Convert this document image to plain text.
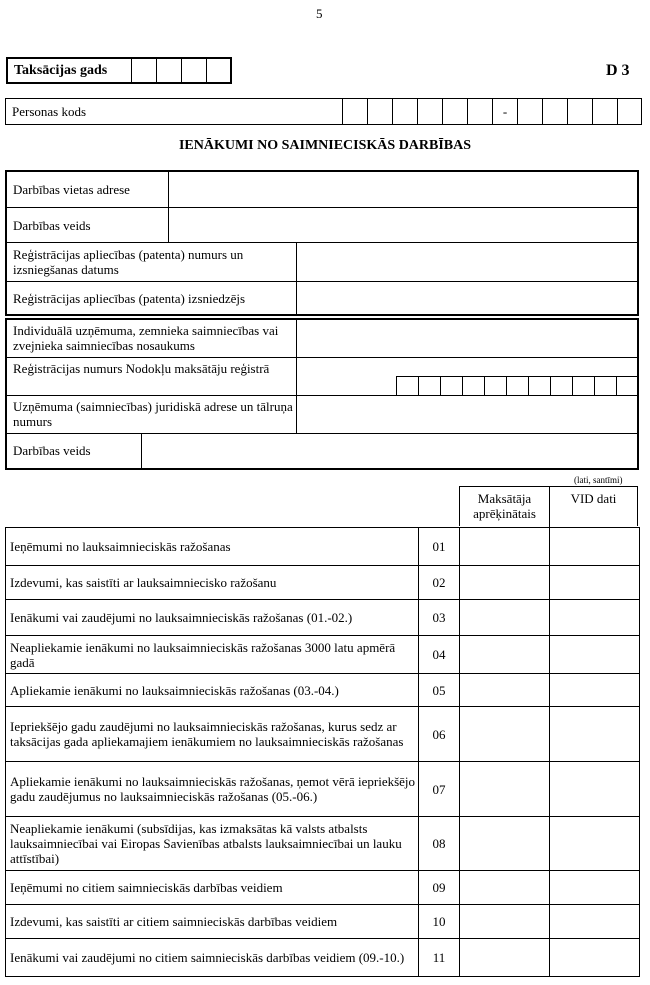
5
Taksācijas gads	D 3
Personas kods	-
IENĀKUMI NO SAIMNIECISKĀS DARBĪBAS
Darbības vietas adrese
Darbības veids
Reģistrācijas apliecības (patenta) numurs un izsniegšanas datums
Reģistrācijas apliecības (patenta) izsniedzējs
Individuālā uzņēmuma, zemnieka saimniecības vai zvejnieka saimniecības nosaukums
Reģistrācijas numurs Nodokļu maksātāju reģistrā
Uzņēmuma (saimniecības) juridiskā adrese un tālruņa numurs
Darbības veids
(lati, santīmi)
Maksātāja aprēķinātais
VID dati
Ieņēmumi no lauksaimnieciskās ražošanas	01		
Izdevumi, kas saistīti ar lauksaimniecisko ražošanu	02		
Ienākumi vai zaudējumi no lauksaimnieciskās ražošanas (01.-02.)	03		
Neapliekamie ienākumi no lauksaimnieciskās ražošanas 3000 latu apmērā gadā	04		
Apliekamie ienākumi no lauksaimnieciskās ražošanas (03.-04.)	05		
Iepriekšējo gadu zaudējumi no lauksaimnieciskās ražošanas, kurus sedz ar taksācijas gada apliekamajiem ienākumiem no lauksaimnieciskās ražošanas	06		
Apliekamie ienākumi no lauksaimnieciskās ražošanas, ņemot vērā iepriekšējo gadu zaudējumus no lauksaimnieciskās ražošanas (05.-06.)	07		
Neapliekamie ienākumi (subsīdijas, kas izmaksātas kā valsts atbalsts lauksaimniecībai vai Eiropas Savienības atbalsts lauksaimniecībai un lauku attīstībai)	08		
Ieņēmumi no citiem saimnieciskās darbības veidiem	09		
Izdevumi, kas saistīti ar citiem saimnieciskās darbības veidiem	10		
Ienākumi vai zaudējumi no citiem saimnieciskās darbības veidiem (09.-10.)	11		
